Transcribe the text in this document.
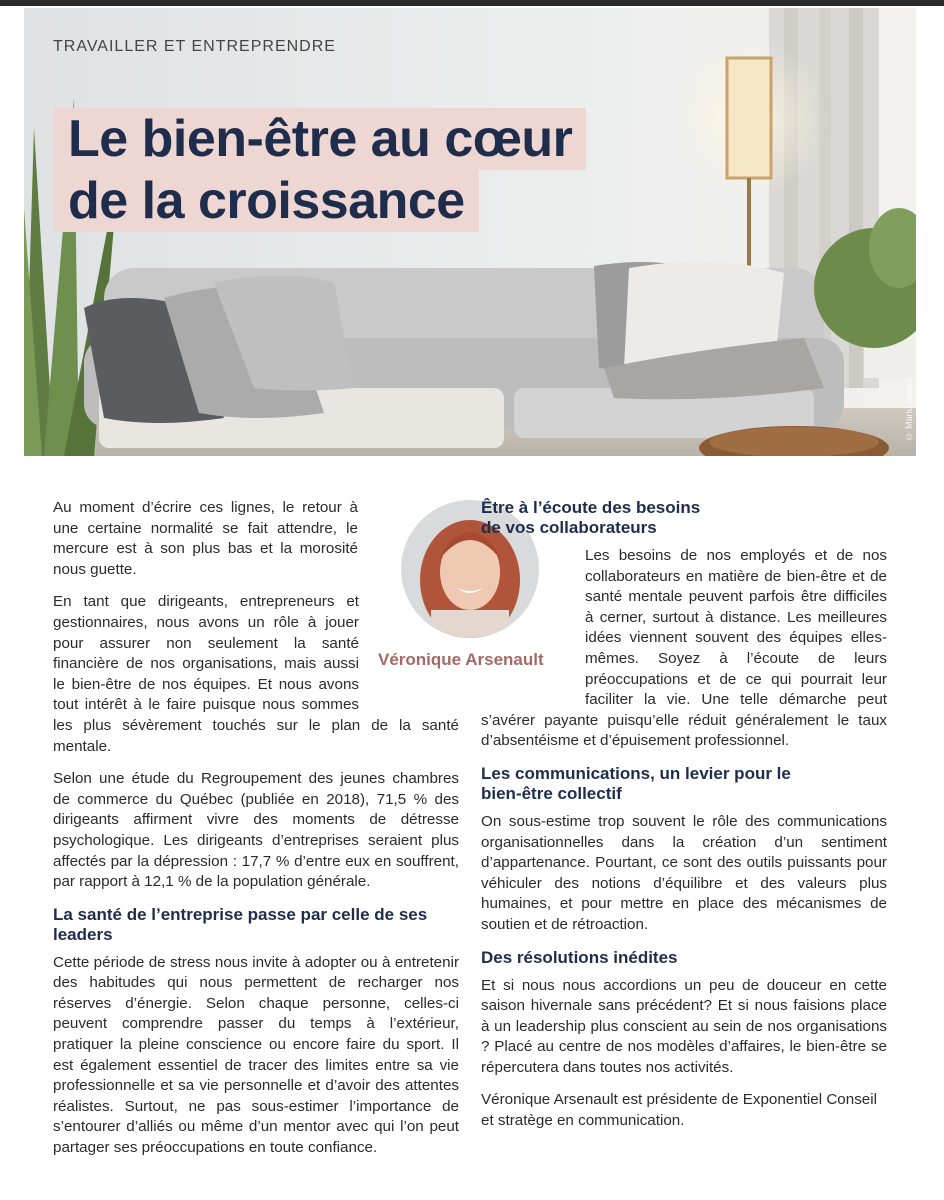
© Mariu Bonan
TRAVAILLER ET ENTREPRENDRE
Le bien-être au cœur
de la croissance

Au moment d’écrire ces lignes, le retour à une certaine normalité se fait attendre, le mercure est à son plus bas et la morosité nous guette.

En tant que dirigeants, entrepreneurs et gestionnaires, nous avons un rôle à jouer pour assurer non seulement la santé financière de nos organisations, mais aussi le bien-être de nos équipes. Et nous avons tout intérêt à le faire puisque nous sommes les plus sévèrement touchés sur le plan de la santé mentale.

Selon une étude du Regroupement des jeunes chambres de commerce du Québec (publiée en 2018), 71,5 % des dirigeants affirment vivre des moments de détresse psychologique. Les dirigeants d’entreprises seraient plus affectés par la dépression : 17,7 % d’entre eux en souffrent, par rapport à 12,1 % de la population générale.

La santé de l’entreprise passe par celle de ses leaders

Cette période de stress nous invite à adopter ou à entretenir des habitudes qui nous permettent de recharger nos réserves d’énergie. Selon chaque personne, celles-ci peuvent comprendre passer du temps à l’extérieur, pratiquer la pleine conscience ou encore faire du sport. Il est également essentiel de tracer des limites entre sa vie professionnelle et sa vie personnelle et d’avoir des attentes réalistes. Surtout, ne pas sous-estimer l’importance de s’entourer d’alliés ou même d’un mentor avec qui l’on peut partager ses préoccupations en toute confiance.

Véronique Arsenault
Être à l’écoute des besoins de vos collaborateurs

Les besoins de nos employés et de nos collaborateurs en matière de bien-être et de santé mentale peuvent parfois être difficiles à cerner, surtout à distance. Les meilleures idées viennent souvent des équipes elles-mêmes. Soyez à l’écoute de leurs préoccupations et de ce qui pourrait leur faciliter la vie. Une telle démarche peut s’avérer payante puisqu’elle réduit généralement le taux d’absentéisme et d’épuisement professionnel.

Les communications, un levier pour le bien-être collectif

On sous-estime trop souvent le rôle des communications organisationnelles dans la création d’un sentiment d’appartenance. Pourtant, ce sont des outils puissants pour véhiculer des notions d’équilibre et des valeurs plus humaines, et pour mettre en place des mécanismes de soutien et de rétroaction.

Des résolutions inédites

Et si nous nous accordions un peu de douceur en cette saison hivernale sans précédent? Et si nous faisions place à un leadership plus conscient au sein de nos organisations ? Placé au centre de nos modèles d’affaires, le bien-être se répercutera dans toutes nos activités.

Véronique Arsenault est présidente de Exponentiel Conseil et stratège en communication.
